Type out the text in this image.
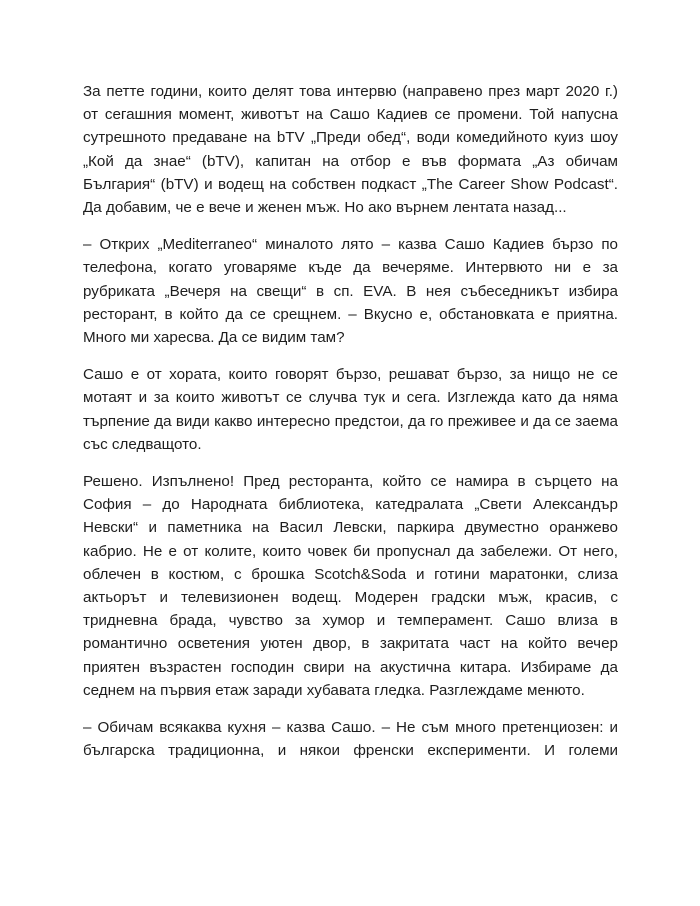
За петте години, които делят това интервю (направено през март 2020 г.) от сегашния момент, животът на Сашо Кадиев се промени. Той напусна сутрешното предаване на bTV „Преди обед“, води комедийното куиз шоу „Кой да знае“ (bTV), капитан на отбор е във формата „Аз обичам България“ (bTV) и водещ на собствен подкаст „The Career Show Podcast“. Да добавим, че е вече и женен мъж. Но ако върнем лентата назад...

– Открих „Mediterraneo“ миналото лято – казва Сашо Кадиев бързо по телефона, когато уговаряме къде да вечеряме. Интервюто ни е за рубриката „Вечеря на свещи“ в сп. EVA. В нея събеседникът избира ресторант, в който да се срещнем. – Вкусно е, обстановката е приятна. Много ми харесва. Да се видим там?

Сашо е от хората, които говорят бързо, решават бързо, за нищо не се мотаят и за които животът се случва тук и сега. Изглежда като да няма търпение да види какво интересно предстои, да го преживее и да се заема със следващото.

Решено. Изпълнено! Пред ресторанта, който се намира в сърцето на София – до Народната библиотека, катедралата „Свети Александър Невски“ и паметника на Васил Левски, паркира двуместно оранжево кабрио. Не е от колите, които човек би пропуснал да забележи. От него, облечен в костюм, с брошка Scotch&Soda и готини маратонки, слиза актьорът и телевизионен водещ. Модерен градски мъж, красив, с тридневна брада, чувство за хумор и темперамент. Сашо влиза в романтично осветения уютен двор, в закритата част на който вечер приятен възрастен господин свири на акустична китара. Избираме да седнем на първия етаж заради хубавата гледка. Разглеждаме менюто.

– Обичам всякаква кухня – казва Сашо. – Не съм много претенциозен: и българска традиционна, и някои френски експерименти. И големи
